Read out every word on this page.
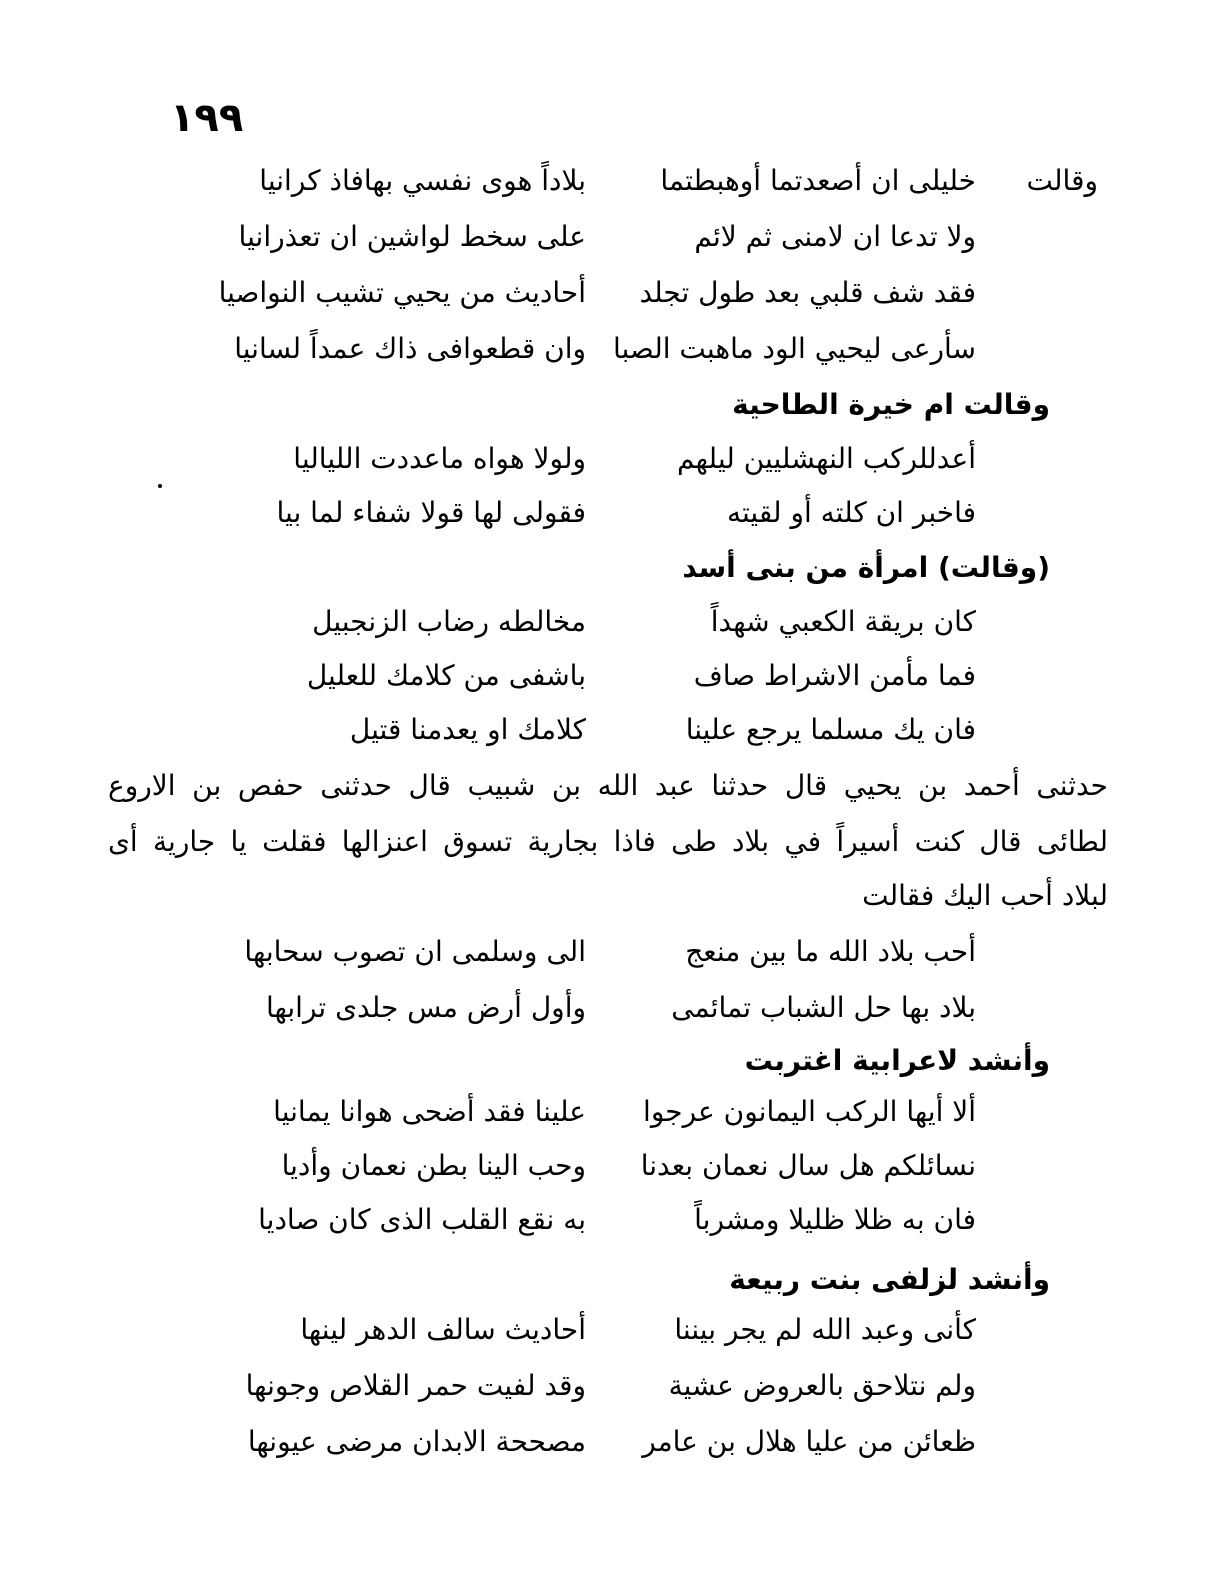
١٩٩
وقالت
خليلى ان أصعدتما أوهبطتما
بلاداً هوى نفسي بهافاذ كرانيا
ولا تدعا ان لامنى ثم لائم
على سخط لواشين ان تعذرانيا
فقد شف قلبي بعد طول تجلد
أحاديث من يحيي تشيب النواصيا
سأرعى ليحيي الود ماهبت الصبا
وان قطعوافى ذاك عمداً لسانيا
وقالت ام خيرة الطاحية
أعدللركب النهشليين ليلهم
ولولا هواه ماعددت اللياليا
فاخبر ان كلته أو لقيته
فقولى لها قولا شفاء لما بيا
(وقالت) امرأة من بنى أسد
كان بريقة الكعبي شهداً
مخالطه رضاب الزنجبيل
فما مأمن الاشراط صاف
باشفى من كلامك للعليل
فان يك مسلما يرجع علينا
كلامك او يعدمنا قتيل
حدثنى أحمد بن يحيي قال حدثنا عبد الله بن شبيب قال حدثنى حفص بن الاروع
لطائى قال كنت أسيراً في بلاد طى فاذا بجارية تسوق اعنزالها فقلت يا جارية أى
لبلاد أحب اليك فقالت
أحب بلاد الله ما بين منعج
الى وسلمى ان تصوب سحابها
بلاد بها حل الشباب تمائمى
وأول أرض مس جلدى ترابها
وأنشد لاعرابية اغتربت
ألا أيها الركب اليمانون عرجوا
علينا فقد أضحى هوانا يمانيا
نسائلكم هل سال نعمان بعدنا
وحب الينا بطن نعمان وأديا
فان به ظلا ظليلا ومشرباً
به نقع القلب الذى كان صاديا
وأنشد لزلفى بنت ربيعة
كأنى وعبد الله لم يجر بيننا
أحاديث سالف الدهر لينها
ولم نتلاحق بالعروض عشية
وقد لفيت حمر القلاص وجونها
ظعائن من عليا هلال بن عامر
مصححة الابدان مرضى عيونها
